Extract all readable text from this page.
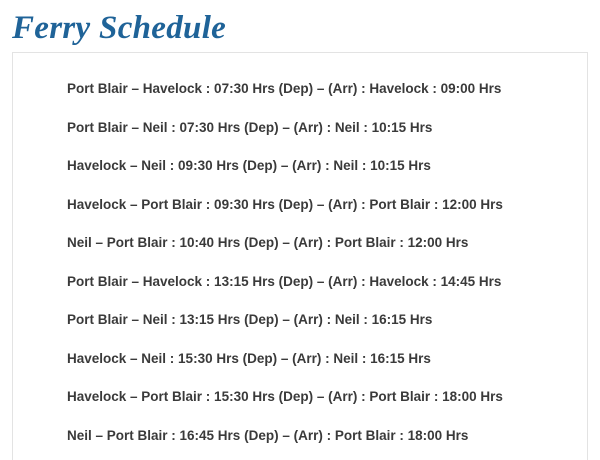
Ferry Schedule
Port Blair – Havelock : 07:30 Hrs (Dep) – (Arr) : Havelock : 09:00 Hrs
Port Blair – Neil : 07:30 Hrs (Dep) – (Arr) : Neil : 10:15 Hrs
Havelock – Neil : 09:30 Hrs (Dep) – (Arr) : Neil : 10:15 Hrs
Havelock – Port Blair : 09:30 Hrs (Dep) – (Arr) : Port Blair : 12:00 Hrs
Neil – Port Blair : 10:40 Hrs (Dep) – (Arr) : Port Blair : 12:00 Hrs
Port Blair – Havelock : 13:15 Hrs (Dep) – (Arr) : Havelock : 14:45 Hrs
Port Blair – Neil : 13:15 Hrs (Dep) – (Arr) : Neil : 16:15 Hrs
Havelock – Neil : 15:30 Hrs (Dep) – (Arr) : Neil : 16:15 Hrs
Havelock – Port Blair : 15:30 Hrs (Dep) – (Arr) : Port Blair : 18:00 Hrs
Neil – Port Blair : 16:45 Hrs (Dep) – (Arr) : Port Blair : 18:00 Hrs
